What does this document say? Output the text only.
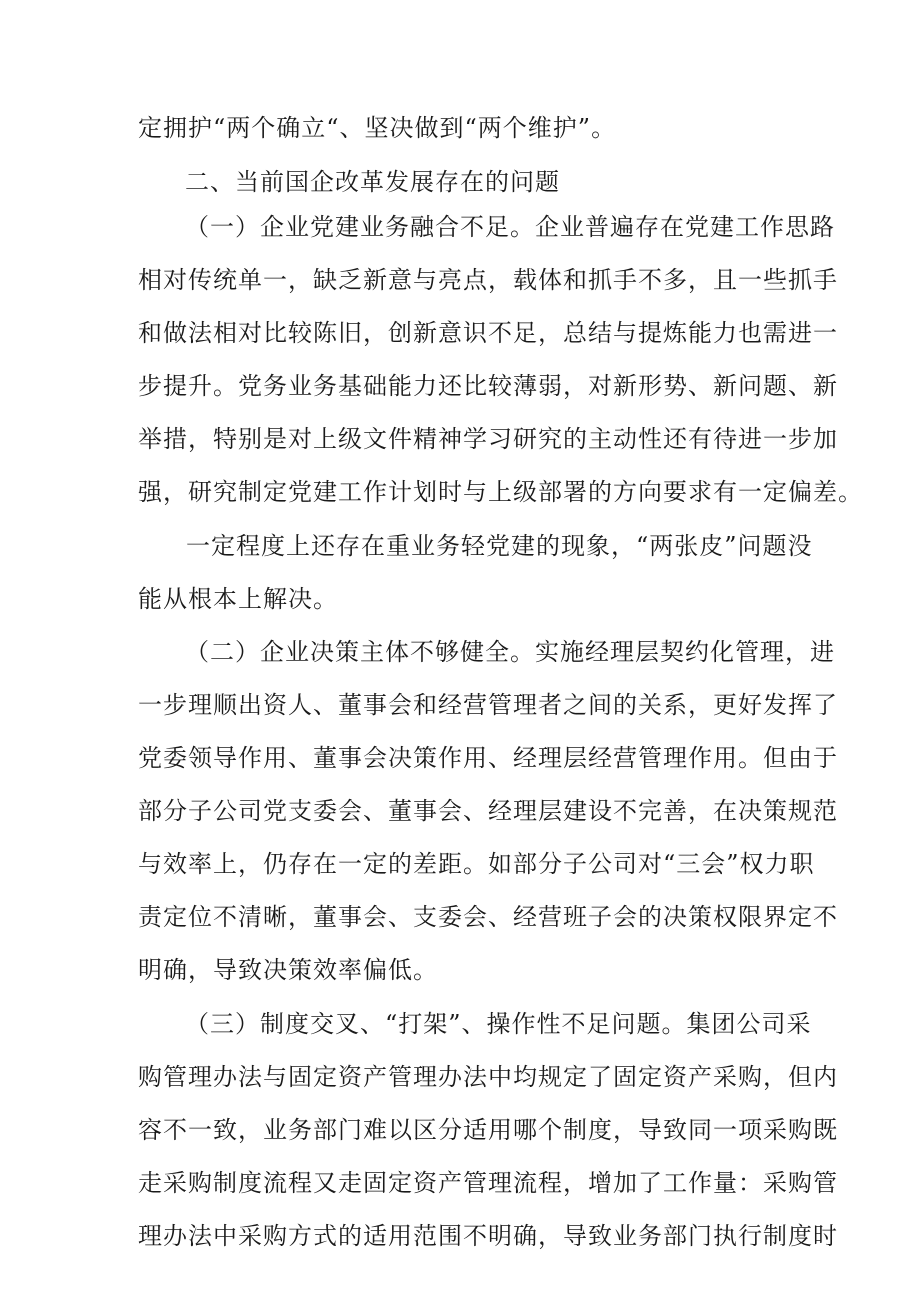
定拥护“两个确立“、坚决做到“两个维护”。
二、当前国企改革发展存在的问题
（一）企业党建业务融合不足。企业普遍存在党建工作思路
相对传统单一，缺乏新意与亮点，载体和抓手不多，且一些抓手
和做法相对比较陈旧，创新意识不足，总结与提炼能力也需进一
步提升。党务业务基础能力还比较薄弱，对新形势、新问题、新
举措，特别是对上级文件精神学习研究的主动性还有待进一步加
强，研究制定党建工作计划时与上级部署的方向要求有一定偏差。
一定程度上还存在重业务轻党建的现象，“两张皮”问题没
能从根本上解决。
（二）企业决策主体不够健全。实施经理层契约化管理，进
一步理顺出资人、董事会和经营管理者之间的关系，更好发挥了
党委领导作用、董事会决策作用、经理层经营管理作用。但由于
部分子公司党支委会、董事会、经理层建设不完善，在决策规范
与效率上，仍存在一定的差距。如部分子公司对“三会”权力职
责定位不清晰，董事会、支委会、经营班子会的决策权限界定不
明确，导致决策效率偏低。
（三）制度交叉、“打架”、操作性不足问题。集团公司采
购管理办法与固定资产管理办法中均规定了固定资产采购，但内
容不一致，业务部门难以区分适用哪个制度，导致同一项采购既
走采购制度流程又走固定资产管理流程，增加了工作量：采购管
理办法中采购方式的适用范围不明确，导致业务部门执行制度时
